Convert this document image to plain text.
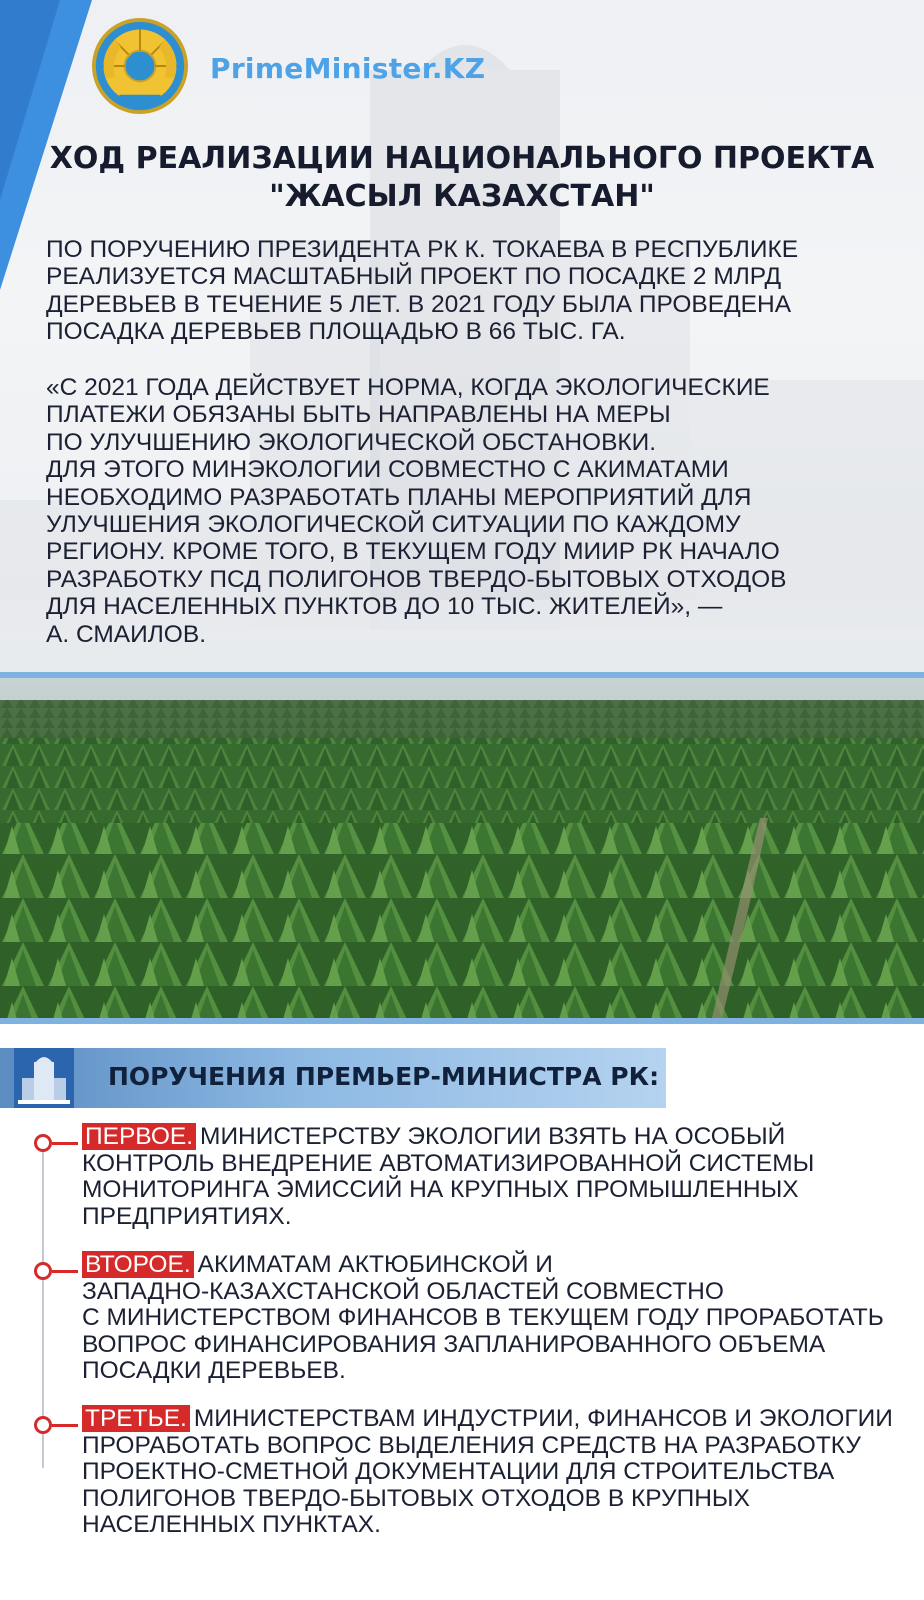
PrimeMinister.KZ
ХОД РЕАЛИЗАЦИИ НАЦИОНАЛЬНОГО ПРОЕКТА
"ЖАСЫЛ КАЗАХСТАН"
ПО ПОРУЧЕНИЮ ПРЕЗИДЕНТА РК К. ТОКАЕВА В РЕСПУБЛИКЕ
РЕАЛИЗУЕТСЯ МАСШТАБНЫЙ ПРОЕКТ ПО ПОСАДКЕ 2 МЛРД
ДЕРЕВЬЕВ В ТЕЧЕНИЕ 5 ЛЕТ. В 2021 ГОДУ БЫЛА ПРОВЕДЕНА
ПОСАДКА ДЕРЕВЬЕВ ПЛОЩАДЬЮ В 66 ТЫС. ГА.
«С 2021 ГОДА ДЕЙСТВУЕТ НОРМА, КОГДА ЭКОЛОГИЧЕСКИЕ
ПЛАТЕЖИ ОБЯЗАНЫ БЫТЬ НАПРАВЛЕНЫ НА МЕРЫ
ПО УЛУЧШЕНИЮ ЭКОЛОГИЧЕСКОЙ ОБСТАНОВКИ.
ДЛЯ ЭТОГО МИНЭКОЛОГИИ СОВМЕСТНО С АКИМАТАМИ
НЕОБХОДИМО РАЗРАБОТАТЬ ПЛАНЫ МЕРОПРИЯТИЙ ДЛЯ
УЛУЧШЕНИЯ ЭКОЛОГИЧЕСКОЙ СИТУАЦИИ ПО КАЖДОМУ
РЕГИОНУ. КРОМЕ ТОГО, В ТЕКУЩЕМ ГОДУ МИИР РК НАЧАЛО
РАЗРАБОТКУ ПСД ПОЛИГОНОВ ТВЕРДО-БЫТОВЫХ ОТХОДОВ
ДЛЯ НАСЕЛЕННЫХ ПУНКТОВ ДО 10 ТЫС. ЖИТЕЛЕЙ», —
А. СМАИЛОВ.
ПОРУЧЕНИЯ ПРЕМЬЕР-МИНИСТРА РК:
ПЕРВОЕ. МИНИСТЕРСТВУ ЭКОЛОГИИ ВЗЯТЬ НА ОСОБЫЙ
КОНТРОЛЬ ВНЕДРЕНИЕ АВТОМАТИЗИРОВАННОЙ СИСТЕМЫ
МОНИТОРИНГА ЭМИССИЙ НА КРУПНЫХ ПРОМЫШЛЕННЫХ
ПРЕДПРИЯТИЯХ.
ВТОРОЕ. АКИМАТАМ АКТЮБИНСКОЙ И
ЗАПАДНО-КАЗАХСТАНСКОЙ ОБЛАСТЕЙ СОВМЕСТНО
С МИНИСТЕРСТВОМ ФИНАНСОВ В ТЕКУЩЕМ ГОДУ ПРОРАБОТАТЬ
ВОПРОС ФИНАНСИРОВАНИЯ ЗАПЛАНИРОВАННОГО ОБЪЕМА
ПОСАДКИ ДЕРЕВЬЕВ.
ТРЕТЬЕ. МИНИСТЕРСТВАМ ИНДУСТРИИ, ФИНАНСОВ И ЭКОЛОГИИ
ПРОРАБОТАТЬ ВОПРОС ВЫДЕЛЕНИЯ СРЕДСТВ НА РАЗРАБОТКУ
ПРОЕКТНО-СМЕТНОЙ ДОКУМЕНТАЦИИ ДЛЯ СТРОИТЕЛЬСТВА
ПОЛИГОНОВ ТВЕРДО-БЫТОВЫХ ОТХОДОВ В КРУПНЫХ
НАСЕЛЕННЫХ ПУНКТАХ.
